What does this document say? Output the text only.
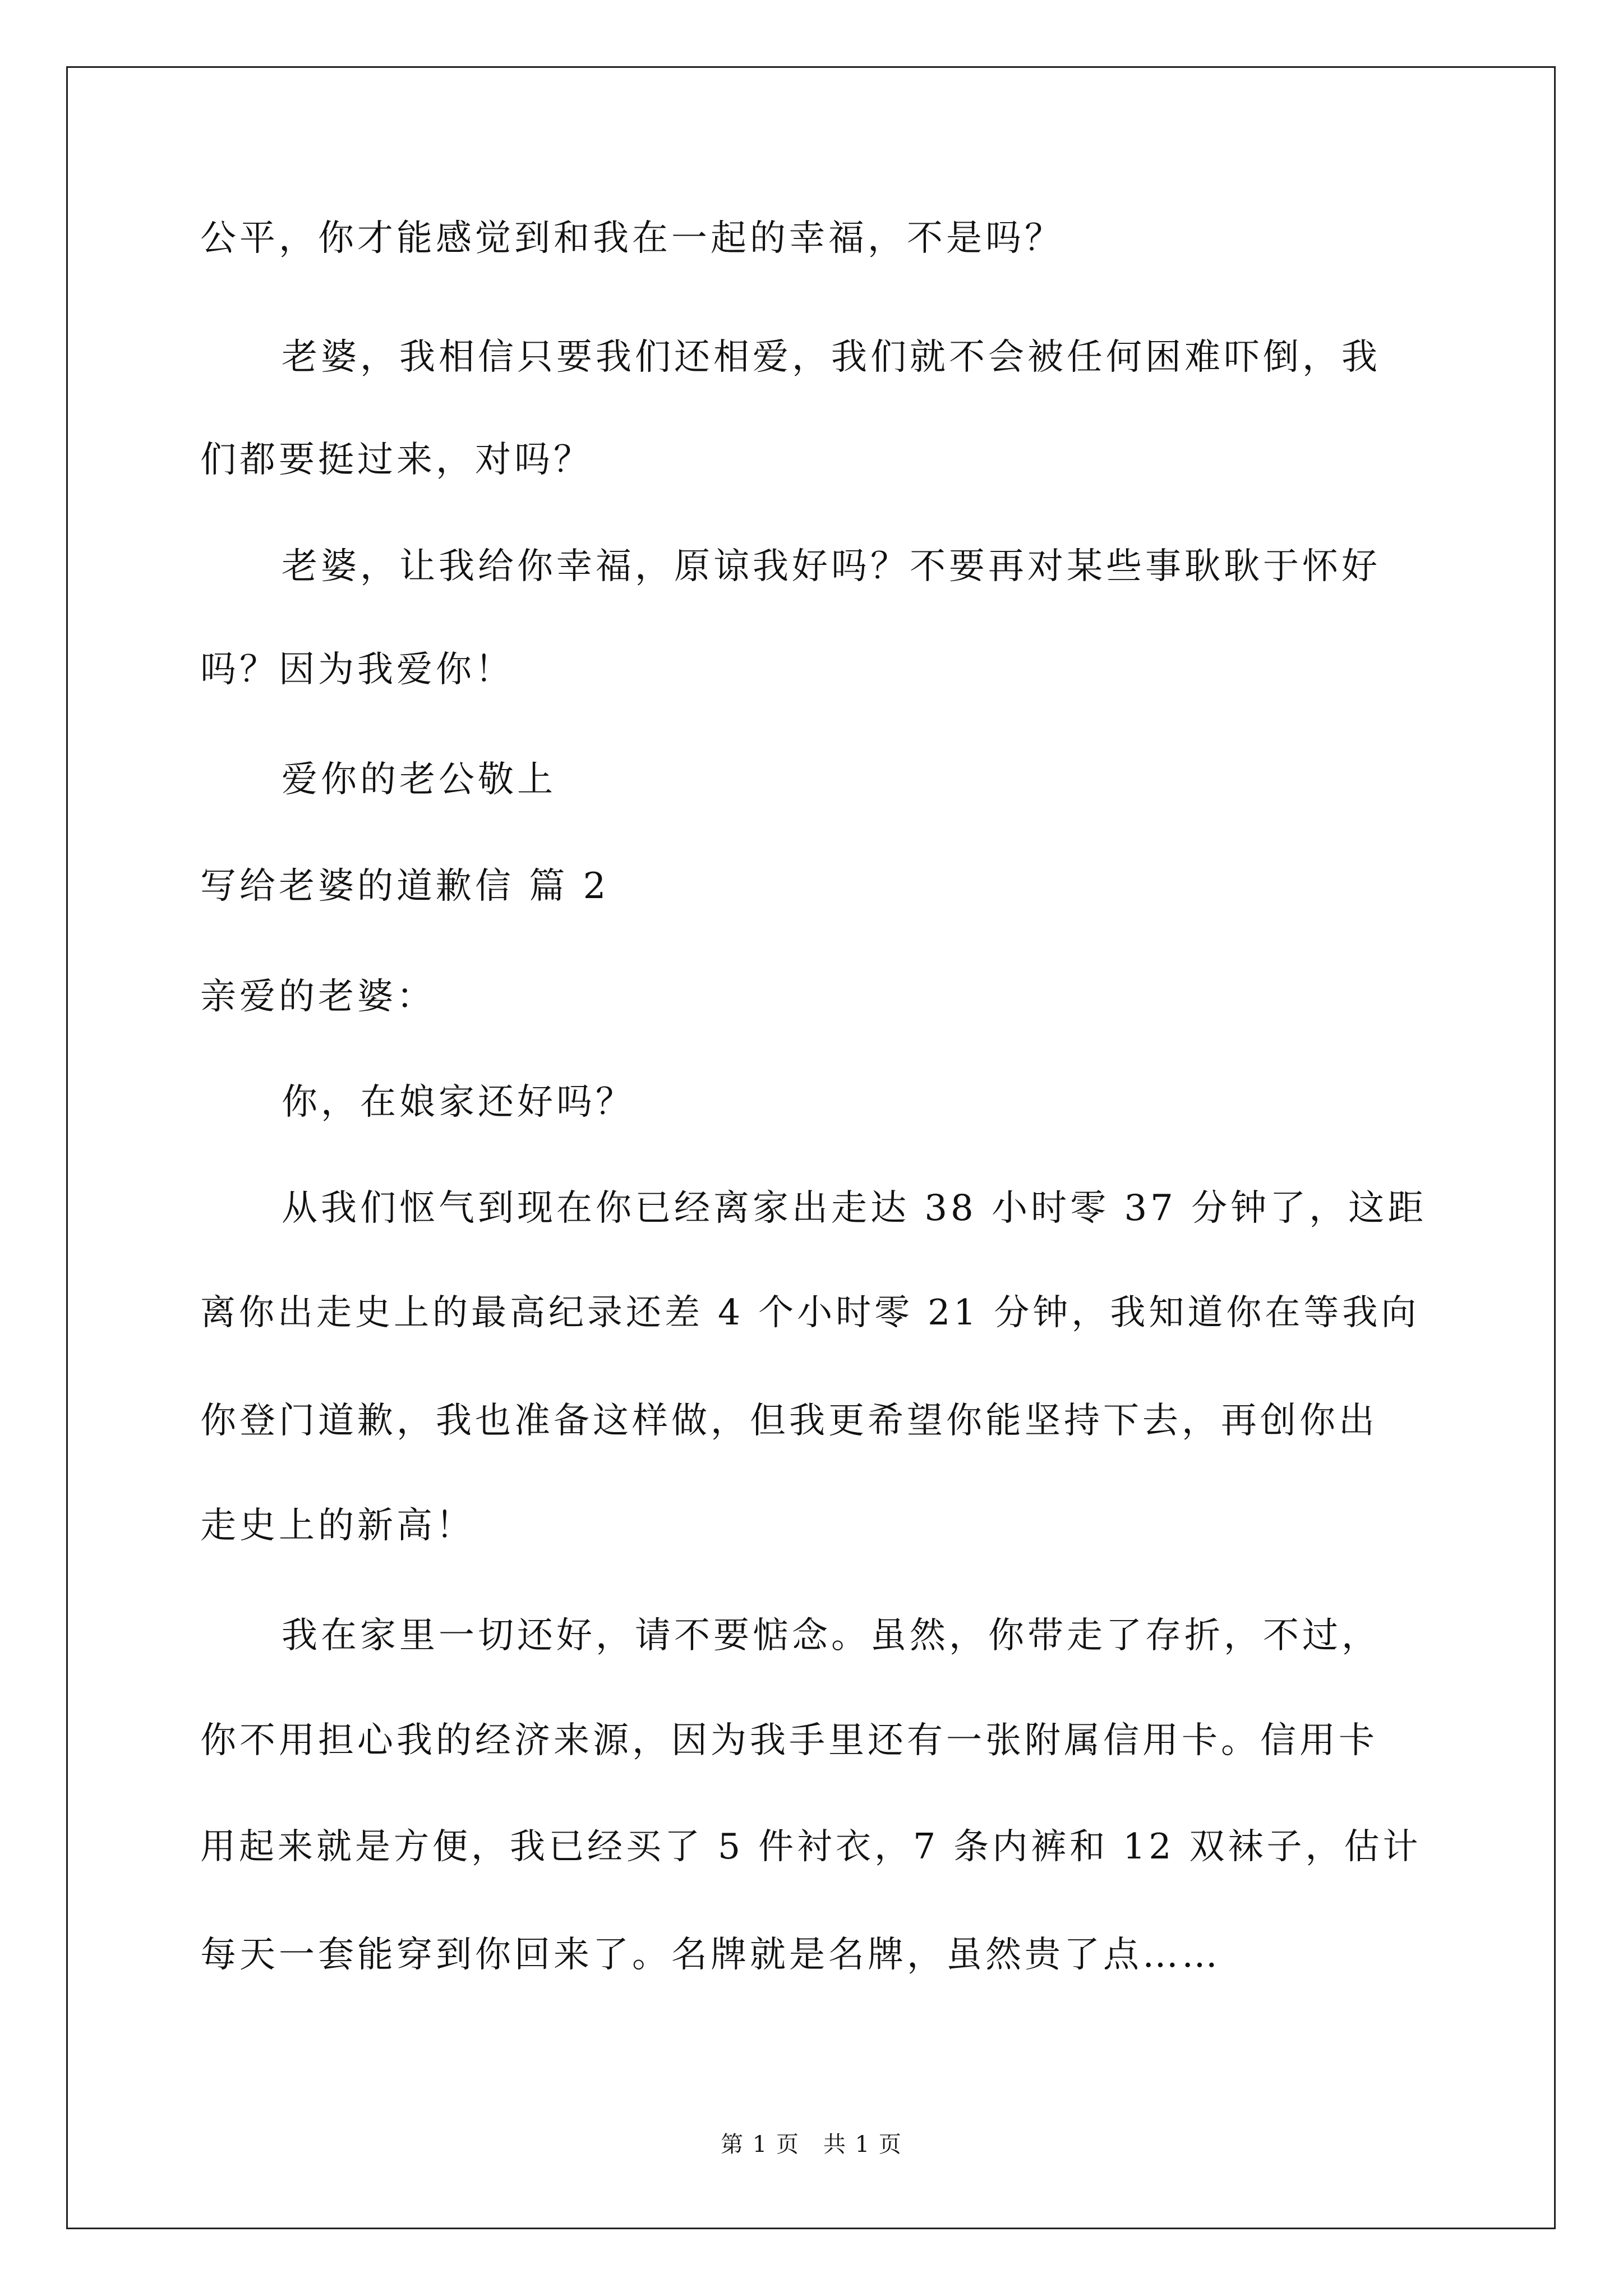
公平，你才能感觉到和我在一起的幸福，不是吗？
老婆，我相信只要我们还相爱，我们就不会被任何困难吓倒，我
们都要挺过来，对吗？
老婆，让我给你幸福，原谅我好吗？不要再对某些事耿耿于怀好
吗？因为我爱你！
爱你的老公敬上
写给老婆的道歉信 篇 2
亲爱的老婆：
你，在娘家还好吗？
从我们怄气到现在你已经离家出走达 38 小时零 37 分钟了，这距
离你出走史上的最高纪录还差 4 个小时零 21 分钟，我知道你在等我向
你登门道歉，我也准备这样做，但我更希望你能坚持下去，再创你出
走史上的新高！
我在家里一切还好，请不要惦念。虽然，你带走了存折，不过，
你不用担心我的经济来源，因为我手里还有一张附属信用卡。信用卡
用起来就是方便，我已经买了 5 件衬衣，7 条内裤和 12 双袜子，估计
每天一套能穿到你回来了。名牌就是名牌，虽然贵了点……
第 1 页　共 1 页
